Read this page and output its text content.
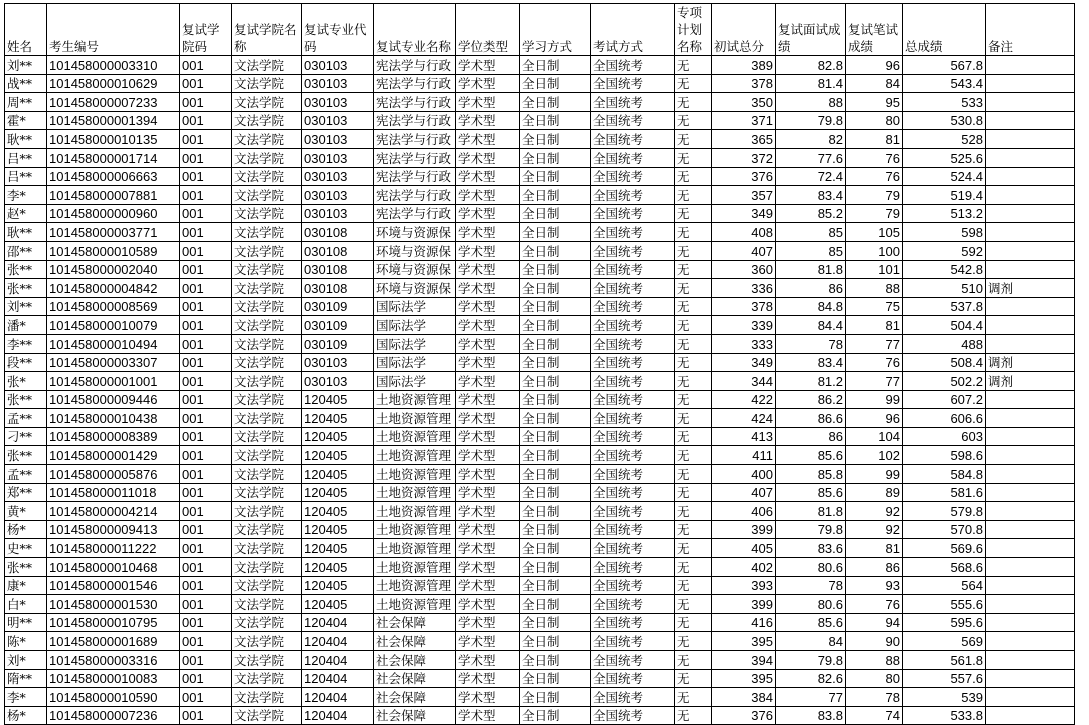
姓名	考生编号	复试学院码	复试学院名称	复试专业代码	复试专业名称	学位类型	学习方式	考试方式	专项计划名称	初试总分	复试面试成绩	复试笔试成绩	总成绩	备注
刘**	101458000003310	001	文法学院	030103	宪法学与行政	学术型	全日制	全国统考	无	389	82.8	96	567.8	
战**	101458000010629	001	文法学院	030103	宪法学与行政	学术型	全日制	全国统考	无	378	81.4	84	543.4	
周**	101458000007233	001	文法学院	030103	宪法学与行政	学术型	全日制	全国统考	无	350	88	95	533	
霍*	101458000001394	001	文法学院	030103	宪法学与行政	学术型	全日制	全国统考	无	371	79.8	80	530.8	
耿**	101458000010135	001	文法学院	030103	宪法学与行政	学术型	全日制	全国统考	无	365	82	81	528	
吕**	101458000001714	001	文法学院	030103	宪法学与行政	学术型	全日制	全国统考	无	372	77.6	76	525.6	
吕**	101458000006663	001	文法学院	030103	宪法学与行政	学术型	全日制	全国统考	无	376	72.4	76	524.4	
李*	101458000007881	001	文法学院	030103	宪法学与行政	学术型	全日制	全国统考	无	357	83.4	79	519.4	
赵*	101458000000960	001	文法学院	030103	宪法学与行政	学术型	全日制	全国统考	无	349	85.2	79	513.2	
耿**	101458000003771	001	文法学院	030108	环境与资源保	学术型	全日制	全国统考	无	408	85	105	598	
邵**	101458000010589	001	文法学院	030108	环境与资源保	学术型	全日制	全国统考	无	407	85	100	592	
张**	101458000002040	001	文法学院	030108	环境与资源保	学术型	全日制	全国统考	无	360	81.8	101	542.8	
张**	101458000004842	001	文法学院	030108	环境与资源保	学术型	全日制	全国统考	无	336	86	88	510	调剂
刘**	101458000008569	001	文法学院	030109	国际法学	学术型	全日制	全国统考	无	378	84.8	75	537.8	
潘*	101458000010079	001	文法学院	030109	国际法学	学术型	全日制	全国统考	无	339	84.4	81	504.4	
李**	101458000010494	001	文法学院	030109	国际法学	学术型	全日制	全国统考	无	333	78	77	488	
段**	101458000003307	001	文法学院	030103	国际法学	学术型	全日制	全国统考	无	349	83.4	76	508.4	调剂
张*	101458000001001	001	文法学院	030103	国际法学	学术型	全日制	全国统考	无	344	81.2	77	502.2	调剂
张**	101458000009446	001	文法学院	120405	土地资源管理	学术型	全日制	全国统考	无	422	86.2	99	607.2	
孟**	101458000010438	001	文法学院	120405	土地资源管理	学术型	全日制	全国统考	无	424	86.6	96	606.6	
刁**	101458000008389	001	文法学院	120405	土地资源管理	学术型	全日制	全国统考	无	413	86	104	603	
张**	101458000001429	001	文法学院	120405	土地资源管理	学术型	全日制	全国统考	无	411	85.6	102	598.6	
孟**	101458000005876	001	文法学院	120405	土地资源管理	学术型	全日制	全国统考	无	400	85.8	99	584.8	
郑**	101458000011018	001	文法学院	120405	土地资源管理	学术型	全日制	全国统考	无	407	85.6	89	581.6	
黄*	101458000004214	001	文法学院	120405	土地资源管理	学术型	全日制	全国统考	无	406	81.8	92	579.8	
杨*	101458000009413	001	文法学院	120405	土地资源管理	学术型	全日制	全国统考	无	399	79.8	92	570.8	
史**	101458000011222	001	文法学院	120405	土地资源管理	学术型	全日制	全国统考	无	405	83.6	81	569.6	
张**	101458000010468	001	文法学院	120405	土地资源管理	学术型	全日制	全国统考	无	402	80.6	86	568.6	
康*	101458000001546	001	文法学院	120405	土地资源管理	学术型	全日制	全国统考	无	393	78	93	564	
白*	101458000001530	001	文法学院	120405	土地资源管理	学术型	全日制	全国统考	无	399	80.6	76	555.6	
明**	101458000010795	001	文法学院	120404	社会保障	学术型	全日制	全国统考	无	416	85.6	94	595.6	
陈*	101458000001689	001	文法学院	120404	社会保障	学术型	全日制	全国统考	无	395	84	90	569	
刘*	101458000003316	001	文法学院	120404	社会保障	学术型	全日制	全国统考	无	394	79.8	88	561.8	
隋**	101458000010083	001	文法学院	120404	社会保障	学术型	全日制	全国统考	无	395	82.6	80	557.6	
李*	101458000010590	001	文法学院	120404	社会保障	学术型	全日制	全国统考	无	384	77	78	539	
杨*	101458000007236	001	文法学院	120404	社会保障	学术型	全日制	全国统考	无	376	83.8	74	533.8	
